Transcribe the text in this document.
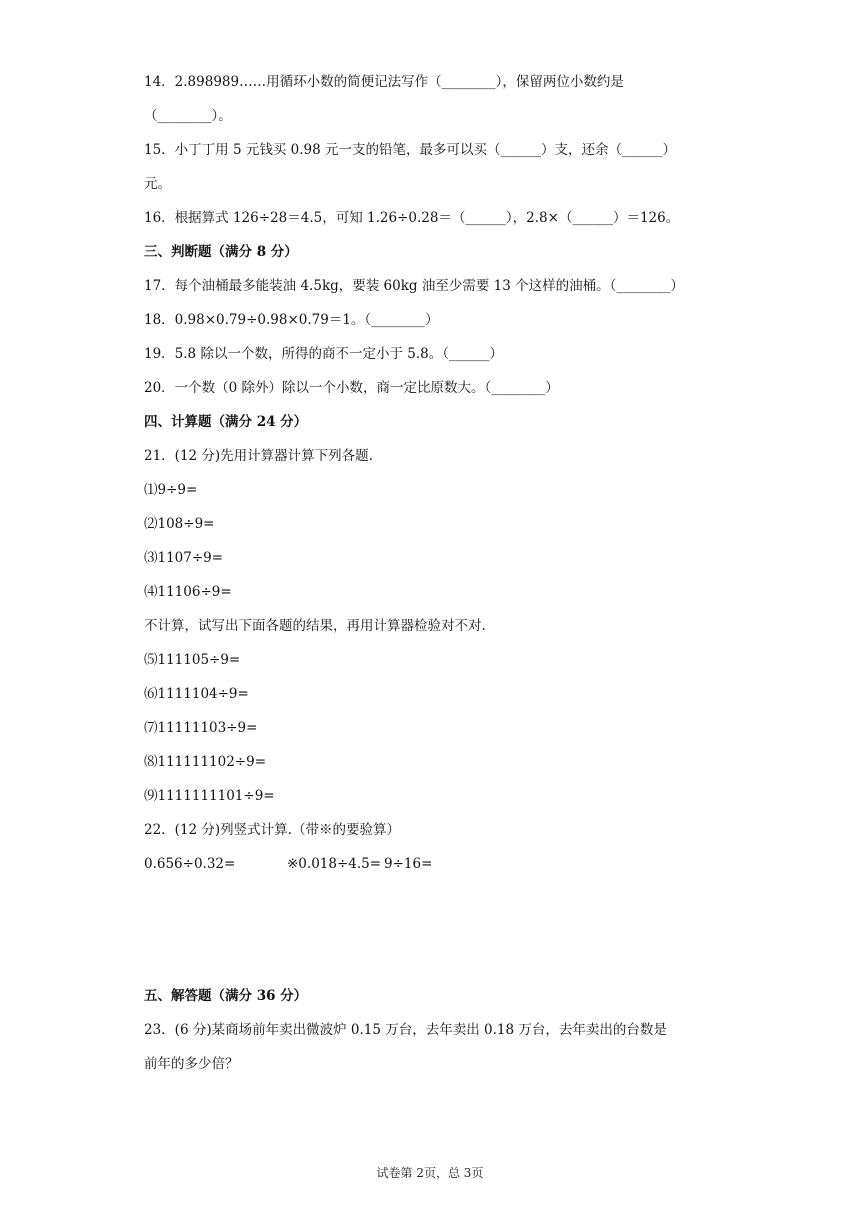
14．2.898989……用循环小数的简便记法写作（________），保留两位小数约是
（________）。
15．小丁丁用 5 元钱买 0.98 元一支的铅笔，最多可以买（______）支，还余（______）
元。
16．根据算式 126÷28＝4.5，可知 1.26÷0.28＝（______），2.8×（______）＝126。
三、判断题（满分 8 分）
17．每个油桶最多能装油 4.5kg，要装 60kg 油至少需要 13 个这样的油桶。（________）
18．0.98×0.79÷0.98×0.79＝1。（________）
19．5.8 除以一个数，所得的商不一定小于 5.8。（______）
20．一个数（0 除外）除以一个小数，商一定比原数大。（________）
四、计算题（满分 24 分）
21．(12 分)先用计算器计算下列各题.
⑴9÷9=
⑵108÷9=
⑶1107÷9=
⑷11106÷9=
不计算，试写出下面各题的结果，再用计算器检验对不对.
⑸111105÷9=
⑹1111104÷9=
⑺11111103÷9=
⑻111111102÷9=
⑼1111111101÷9=
22．(12 分)列竖式计算.（带※的要验算）
0.656÷0.32=	※0.018÷4.5= 9÷16=
五、解答题（满分 36 分）
23．(6 分)某商场前年卖出微波炉 0.15 万台，去年卖出 0.18 万台，去年卖出的台数是
前年的多少倍？
试卷第 2页，总 3页
